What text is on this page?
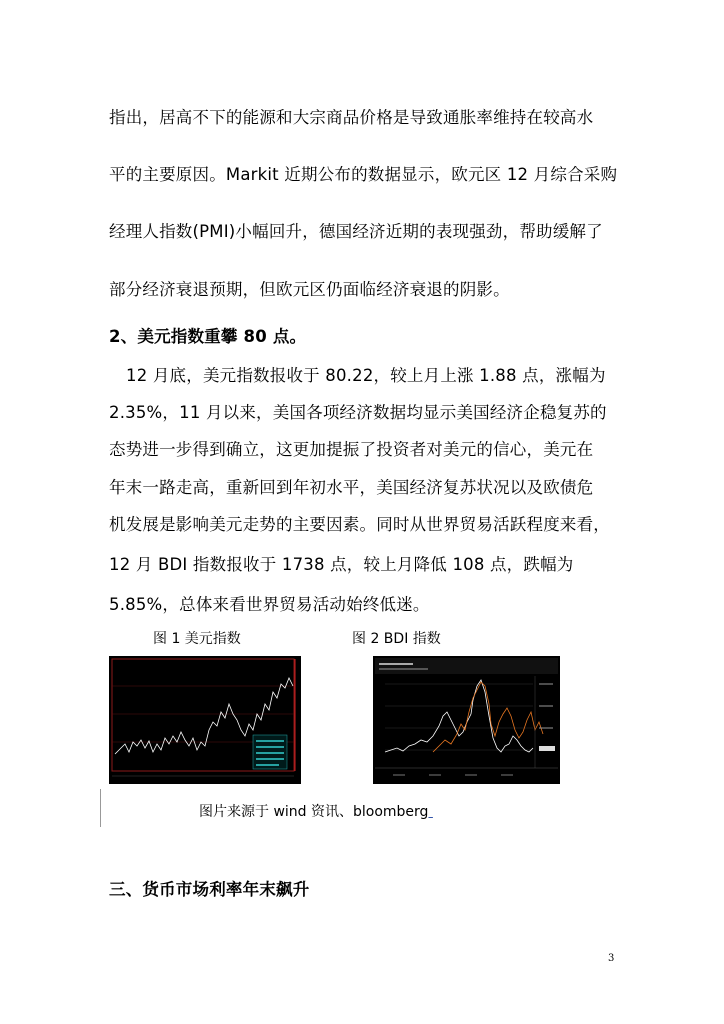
指出，居高不下的能源和大宗商品价格是导致通胀率维持在较高水
平的主要原因。Markit 近期公布的数据显示，欧元区 12 月综合采购
经理人指数(PMI)小幅回升，德国经济近期的表现强劲，帮助缓解了
部分经济衰退预期，但欧元区仍面临经济衰退的阴影。
2、美元指数重攀 80 点。
12 月底，美元指数报收于 80.22，较上月上涨 1.88 点，涨幅为
2.35%，11 月以来，美国各项经济数据均显示美国经济企稳复苏的
态势进一步得到确立，这更加提振了投资者对美元的信心，美元在
年末一路走高，重新回到年初水平，美国经济复苏状况以及欧债危
机发展是影响美元走势的主要因素。同时从世界贸易活跃程度来看，
12 月 BDI 指数报收于 1738 点，较上月降低 108 点，跌幅为
5.85%，总体来看世界贸易活动始终低迷。
图 1 美元指数	图 2 BDI 指数
图片来源于 wind 资讯、bloomberg
三、货币市场利率年末飙升
3
